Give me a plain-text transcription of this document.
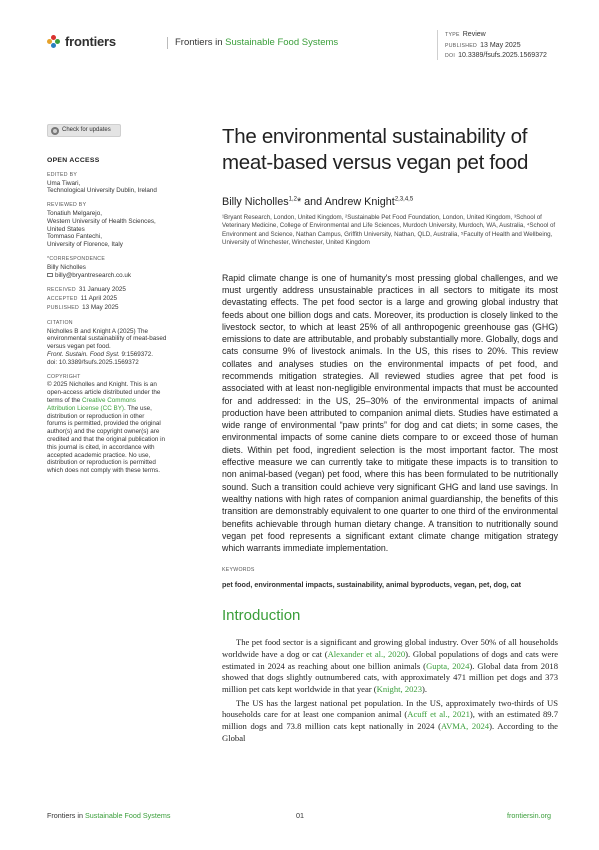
frontiers	Frontiers in Sustainable Food Systems
TYPE Review
PUBLISHED 13 May 2025
DOI 10.3389/fsufs.2025.1569372
Check for updates
OPEN ACCESS
EDITED BY
Uma Tiwari,
Technological University Dublin, Ireland
REVIEWED BY
Tonatiuh Melgarejo,
Western University of Health Sciences,
United States
Tommaso Fantechi,
University of Florence, Italy
*CORRESPONDENCE
Billy Nicholles
billy@bryantresearch.co.uk
RECEIVED 31 January 2025
ACCEPTED 11 April 2025
PUBLISHED 13 May 2025
CITATION
Nicholles B and Knight A (2025) The
environmental sustainability of meat-based
versus vegan pet food.
Front. Sustain. Food Syst. 9:1569372.
doi: 10.3389/fsufs.2025.1569372
COPYRIGHT
© 2025 Nicholles and Knight. This is an open-access article distributed under the terms of the Creative Commons Attribution License (CC BY). The use, distribution or reproduction in other forums is permitted, provided the original author(s) and the copyright owner(s) are credited and that the original publication in this journal is cited, in accordance with accepted academic practice. No use, distribution or reproduction is permitted which does not comply with these terms.
The environmental sustainability of meat-based versus vegan pet food
Billy Nicholles$^{1,2}$* and Andrew Knight$^{2,3,4,5}$
¹Bryant Research, London, United Kingdom, ²Sustainable Pet Food Foundation, London, United Kingdom, ³School of Veterinary Medicine, College of Environmental and Life Sciences, Murdoch University, Murdoch, WA, Australia, ⁴School of Environment and Science, Nathan Campus, Griffith University, Nathan, QLD, Australia, ⁵Faculty of Health and Wellbeing, University of Winchester, Winchester, United Kingdom
Rapid climate change is one of humanity's most pressing global challenges, and we must urgently address unsustainable practices in all sectors to mitigate its most devastating effects. The pet food sector is a large and growing global industry that feeds about one billion dogs and cats. Moreover, its production is closely linked to the livestock sector, to which at least 25% of all anthropogenic greenhouse gas (GHG) emissions to date are attributable, and probably substantially more. Globally, dogs and cats consume 9% of livestock animals. In the US, this rises to 20%. This review collates and analyses studies on the environmental impacts of pet food, and recommends mitigation strategies. All reviewed studies agree that pet food is associated with at least non-negligible environmental impacts that must be accounted for and addressed: in the US, 25–30% of the environmental impacts of animal production have been attributed to companion animal diets. Studies have estimated a wide range of environmental “paw prints” for dog and cat diets; in some cases, the environmental impacts of some canine diets compare to or exceed those of human diets. Within pet food, ingredient selection is the most important factor. The most effective measure we can currently take to mitigate these impacts is to transition to non animal-based (vegan) pet food, where this has been formulated to be nutritionally sound. Such a transition could achieve very significant GHG and land use savings. In wealthy nations with high rates of companion animal guardianship, the benefits of this transition are demonstrably equivalent to one quarter to one third of the environmental benefits achievable through human dietary change. A transition to nutritionally sound vegan pet food represents a significant extant climate change mitigation strategy which warrants immediate implementation.
KEYWORDS
pet food, environmental impacts, sustainability, animal byproducts, vegan, pet, dog, cat
Introduction

The pet food sector is a significant and growing global industry. Over 50% of all households worldwide have a dog or cat (Alexander et al., 2020). Global populations of dogs and cats were estimated in 2024 as reaching about one billion animals (Gupta, 2024). Global data from 2018 showed that dogs slightly outnumbered cats, with approximately 471 million pet dogs and 373 million pet cats kept worldwide in that year (Knight, 2023).

The US has the largest national pet population. In the US, approximately two-thirds of US households care for at least one companion animal (Acuff et al., 2021), with an estimated 89.7 million dogs and 73.8 million cats kept nationally in 2024 (AVMA, 2024). According to the Global

Frontiers in Sustainable Food Systems	01	frontiersin.org
